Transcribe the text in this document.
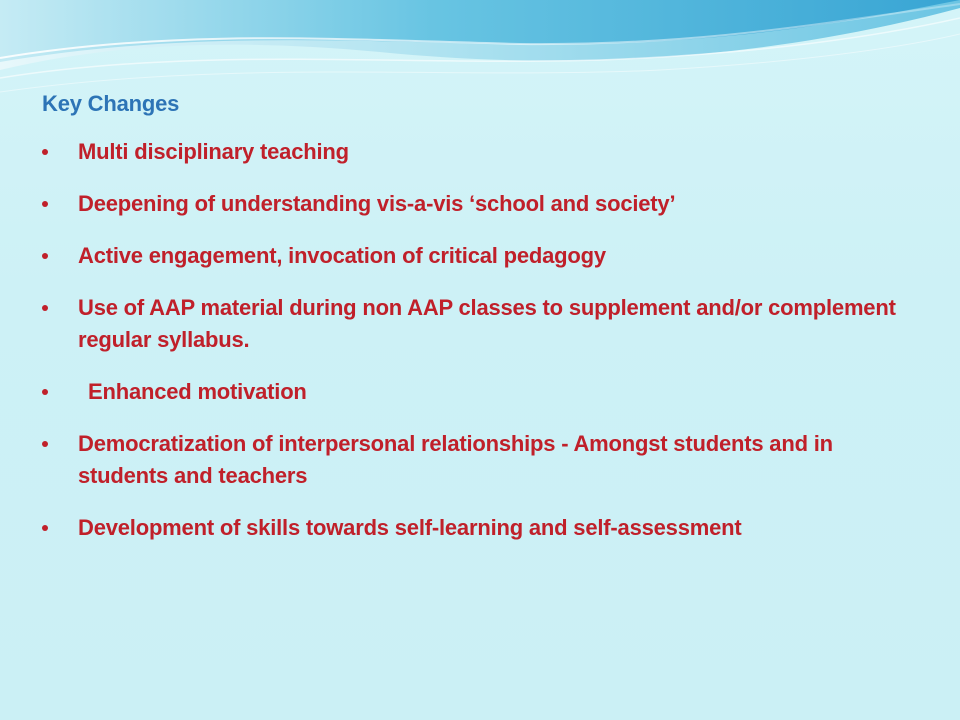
Key Changes
Multi disciplinary teaching
Deepening of understanding vis-a-vis ‘school and society’
Active engagement, invocation of critical pedagogy
Use of AAP material during non AAP classes to supplement and/or complement regular syllabus.
Enhanced motivation
Democratization of interpersonal relationships - Amongst students and in students and teachers
Development of skills towards self-learning and self-assessment
